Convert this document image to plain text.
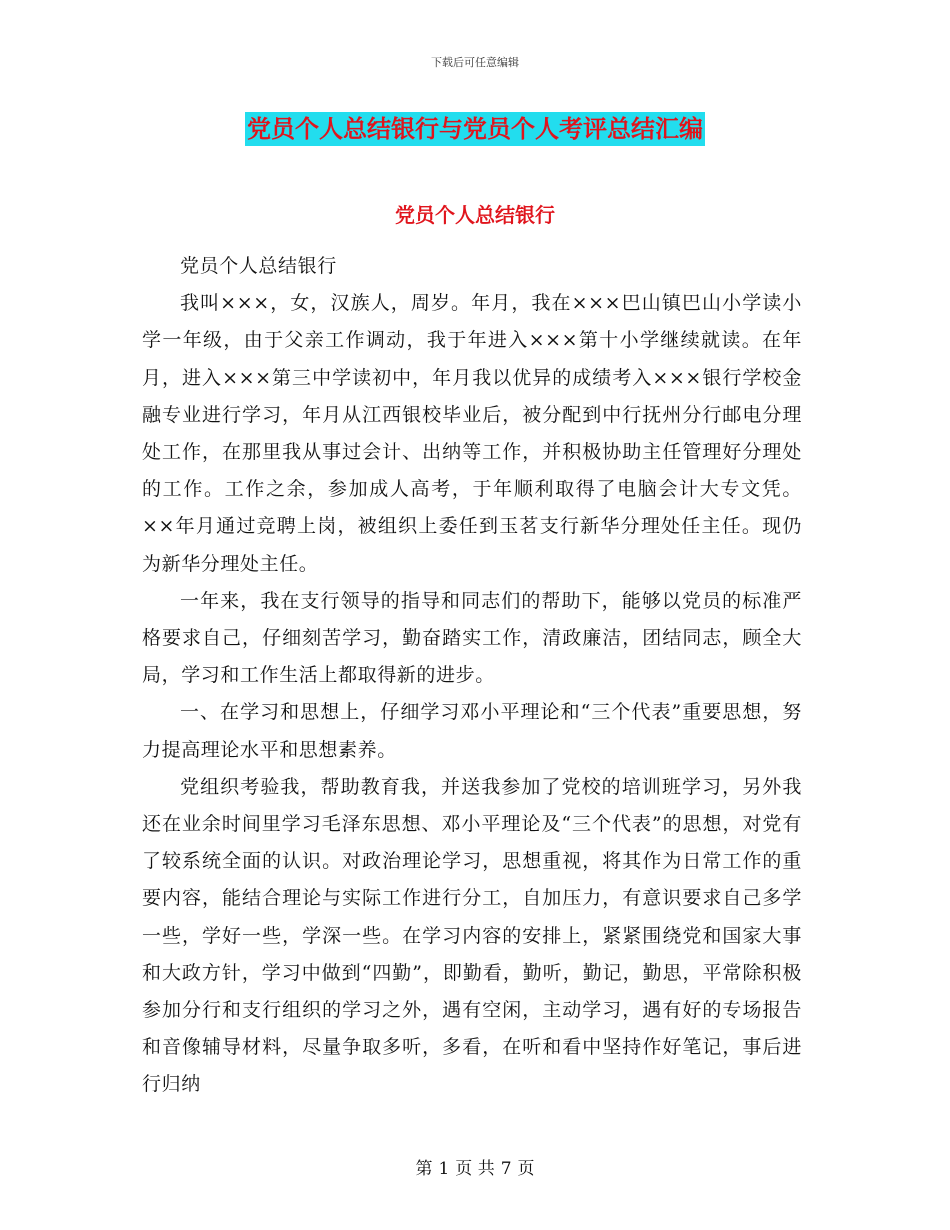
下载后可任意编辑
党员个人总结银行与党员个人考评总结汇编
党员个人总结银行

党员个人总结银行

我叫×××，女，汉族人，周岁。年月，我在×××巴山镇巴山小学读小学一年级，由于父亲工作调动，我于年进入×××第十小学继续就读。在年月，进入×××第三中学读初中，年月我以优异的成绩考入×××银行学校金融专业进行学习，年月从江西银校毕业后，被分配到中行抚州分行邮电分理处工作，在那里我从事过会计、出纳等工作，并积极协助主任管理好分理处的工作。工作之余，参加成人高考，于年顺利取得了电脑会计大专文凭。××年月通过竞聘上岗，被组织上委任到玉茗支行新华分理处任主任。现仍为新华分理处主任。

一年来，我在支行领导的指导和同志们的帮助下，能够以党员的标准严格要求自己，仔细刻苦学习，勤奋踏实工作，清政廉洁，团结同志，顾全大局，学习和工作生活上都取得新的进步。

一、在学习和思想上，仔细学习邓小平理论和“三个代表”重要思想，努力提高理论水平和思想素养。

党组织考验我，帮助教育我，并送我参加了党校的培训班学习，另外我还在业余时间里学习毛泽东思想、邓小平理论及“三个代表”的思想，对党有了较系统全面的认识。对政治理论学习，思想重视，将其作为日常工作的重要内容，能结合理论与实际工作进行分工，自加压力，有意识要求自己多学一些，学好一些，学深一些。在学习内容的安排上，紧紧围绕党和国家大事和大政方针，学习中做到“四勤”，即勤看，勤听，勤记，勤思，平常除积极参加分行和支行组织的学习之外，遇有空闲，主动学习，遇有好的专场报告和音像辅导材料，尽量争取多听，多看，在听和看中坚持作好笔记，事后进行归纳

第 1 页 共 7 页
